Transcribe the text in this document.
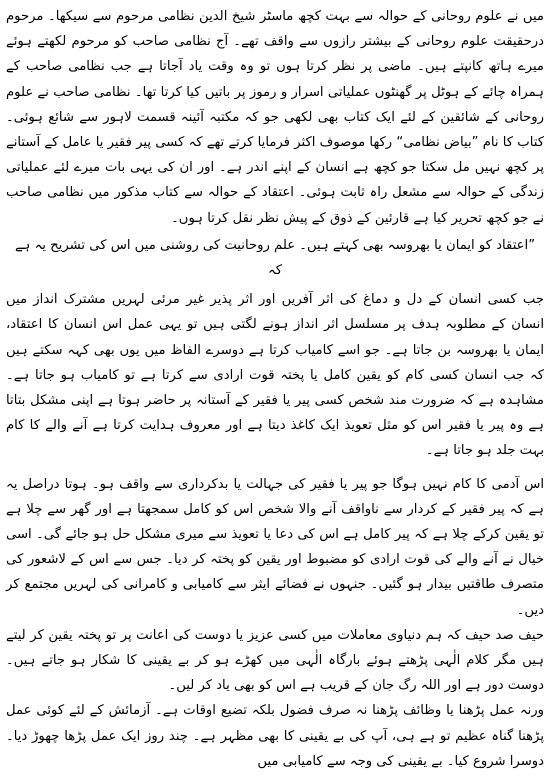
میں نے علوم روحانی کے حوالہ سے بہت کچھ ماسٹر شیخ الدین نظامی مرحوم سے سیکھا۔ مرحوم درحقیقت علوم روحانی کے بیشتر رازوں سے واقف تھے۔ آج نظامی صاحب کو مرحوم لکھتے ہوئے میرے ہاتھ کانپتے ہیں۔ ماضی پر نظر کرتا ہوں تو وہ وقت یاد آجاتا ہے جب نظامی صاحب کے ہمراہ چائے کے ہوٹل پر گھنٹوں عملیاتی اسرار و رموز پر باتیں کیا کرتا تھا۔ نظامی صاحب نے علوم روحانی کے شائقین کے لئے ایک کتاب بھی لکھی جو کہ مکتبہ آئینہ قسمت لاہور سے شائع ہوئی۔ کتاب کا نام ”بیاض نظامی“ رکھا موصوف اکثر فرمایا کرتے تھے کہ کسی پیر فقیر یا عامل کے آستانے پر کچھ نہیں مل سکتا جو کچھ ہے انسان کے اپنے اندر ہے۔ اور ان کی یہی بات میرے لئے عملیاتی زندگی کے حوالہ سے مشعل راہ ثابت ہوئی۔ اعتقاد کے حوالہ سے کتاب مذکور میں نظامی صاحب نے جو کچھ تحریر کیا ہے قارئین کے ذوق کے پیش نظر نقل کرتا ہوں۔

”اعتقاد کو ایمان یا بھروسہ بھی کہتے ہیں۔ علم روحانیت کی روشنی میں اس کی تشریح یہ ہے کہ

جب کسی انسان کے دل و دماغ کی اثر آفریں اور اثر پذیر غیر مرئی لہریں مشترک انداز میں انسان کے مطلوبہ ہدف پر مسلسل اثر انداز ہونے لگتی ہیں تو یہی عمل اس انسان کا اعتقاد، ایمان یا بھروسہ بن جاتا ہے۔ جو اسے کامیاب کرتا ہے دوسرے الفاظ میں یوں بھی کہہ سکتے ہیں کہ جب انسان کسی کام کو یقین کامل یا پختہ قوت ارادی سے کرتا ہے تو کامیاب ہو جاتا ہے۔ مشاہدہ ہے کہ ضرورت مند شخص کسی پیر یا فقیر کے آستانہ پر حاضر ہوتا ہے اپنی مشکل بتاتا ہے وہ پیر یا فقیر اس کو مثل تعویذ ایک کاغذ دیتا ہے اور معروف ہدایت کرتا ہے آنے والے کا کام بہت جلد ہو جاتا ہے۔

اس آدمی کا کام نہیں ہوگا جو پیر یا فقیر کی جہالت یا بدکرداری سے واقف ہو۔ ہوتا دراصل یہ ہے کہ پیر فقیر کے کردار سے ناواقف آنے والا شخص اس کو کامل سمجھتا ہے اور گھر سے چلا ہے تو یقین کرکے چلا ہے کہ پیر کامل ہے اس کی دعا یا تعویذ سے میری مشکل حل ہو جائے گی۔ اسی خیال نے آنے والے کی قوت ارادی کو مضبوط اور یقین کو پختہ کر دیا۔ جس سے اس کے لاشعور کی متصرف طاقتیں بیدار ہو گئیں۔ جنہوں نے فضائے ایثر سے کامیابی و کامرانی کی لہریں مجتمع کر دیں۔

حیف صد حیف کہ ہم دنیاوی معاملات میں کسی عزیز یا دوست کی اعانت پر تو پختہ یقین کر لیتے ہیں مگر کلام الٰہی پڑھتے ہوئے بارگاہ الٰہی میں کھڑے ہو کر بے یقینی کا شکار ہو جاتے ہیں۔ دوست دور ہے اور اللہ رگ جان کے قریب ہے اس کو بھی یاد کر لیں۔

ورنہ عمل پڑھنا یا وظائف پڑھنا نہ صرف فضول بلکہ تضیع اوقات ہے۔ آزمائش کے لئے کوئی عمل پڑھنا گناہ عظیم تو ہے ہی، آپ کی بے یقینی کا بھی مظہر ہے۔ چند روز ایک عمل پڑھا چھوڑ دیا۔ دوسرا شروع کیا۔ بے یقینی کی وجہ سے کامیابی میں
